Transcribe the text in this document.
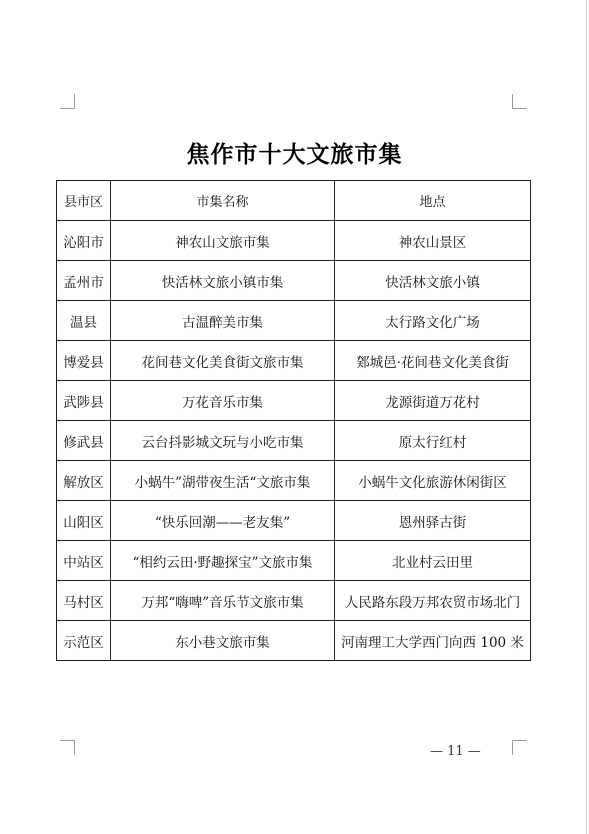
焦作市十大文旅市集
县市区	市集名称	地点
沁阳市	神农山文旅市集	神农山景区
孟州市	快活林文旅小镇市集	快活林文旅小镇
温县	古温醉美市集	太行路文化广场
博爱县	花间巷文化美食街文旅市集	鄈城邑·花间巷文化美食街
武陟县	万花音乐市集	龙源街道万花村
修武县	云台抖影城文玩与小吃市集	原太行红村
解放区	小蜗牛”湖带夜生活“文旅市集	小蜗牛文化旅游休闲街区
山阳区	“快乐回潮——老友集”	恩州驿古街
中站区	“相约云田·野趣探宝”文旅市集	北业村云田里
马村区	万邦“嗨啤”音乐节文旅市集	人民路东段万邦农贸市场北门
示范区	东小巷文旅市集	河南理工大学西门向西 100 米
— 11 —
